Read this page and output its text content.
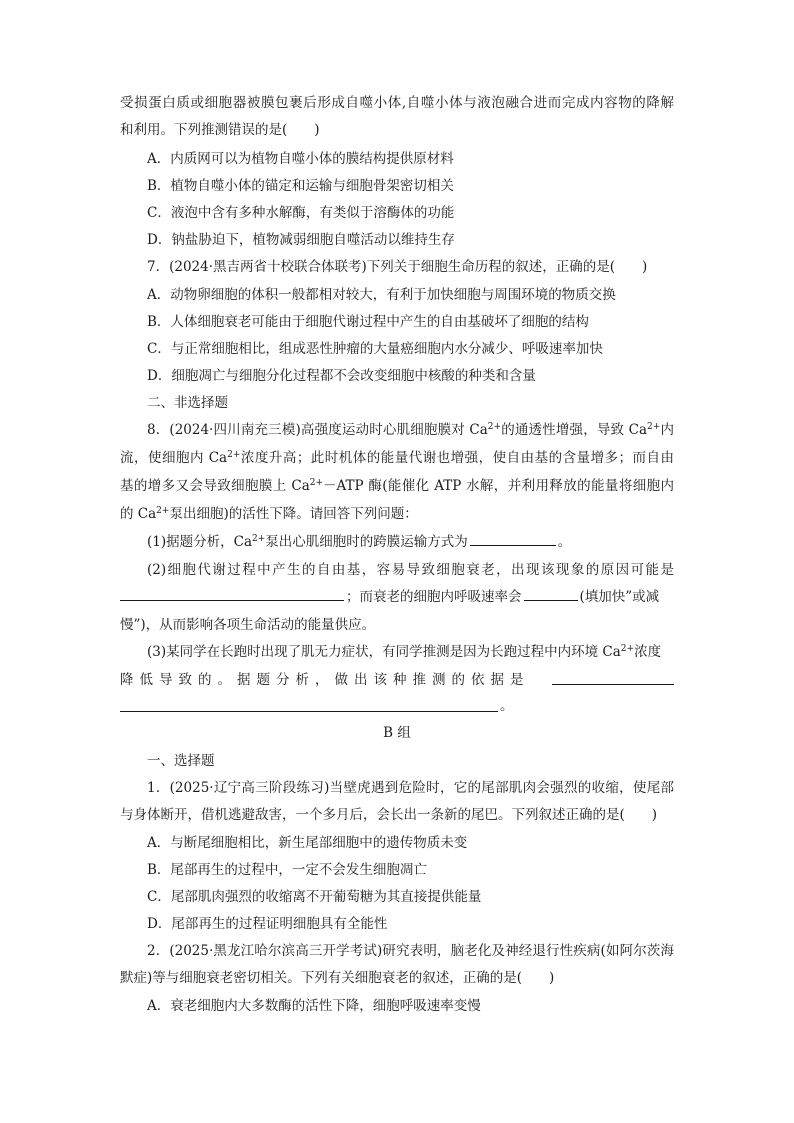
受损蛋白质或细胞器被膜包裹后形成自噬小体,自噬小体与液泡融合进而完成内容物的降解
和利用。下列推测错误的是(　　)
A．内质网可以为植物自噬小体的膜结构提供原材料
B．植物自噬小体的锚定和运输与细胞骨架密切相关
C．液泡中含有多种水解酶，有类似于溶酶体的功能
D．钠盐胁迫下，植物减弱细胞自噬活动以维持生存
7．(2024·黑吉两省十校联合体联考)下列关于细胞生命历程的叙述，正确的是(　　)
A．动物卵细胞的体积一般都相对较大，有利于加快细胞与周围环境的物质交换
B．人体细胞衰老可能由于细胞代谢过程中产生的自由基破坏了细胞的结构
C．与正常细胞相比，组成恶性肿瘤的大量癌细胞内水分减少、呼吸速率加快
D．细胞凋亡与细胞分化过程都不会改变细胞中核酸的种类和含量
二、非选择题
8．(2024·四川南充三模)高强度运动时心肌细胞膜对 $Ca^{2+}$的通透性增强，导致 $Ca^{2+}$内
流，使细胞内 $Ca^{2+}$浓度升高；此时机体的能量代谢也增强，使自由基的含量增多；而自由
基的增多又会导致细胞膜上 $Ca^{2+}-ATP$ 酶(能催化 ATP 水解，并利用释放的能量将细胞内
的 $Ca^{2+}$泵出细胞)的活性下降。请回答下列问题：
(1)据题分析，$Ca^{2+}$泵出心肌细胞时的跨膜运输方式为	。
(2)细胞代谢过程中产生的自由基，容易导致细胞衰老，出现该现象的原因可能是
；而衰老的细胞内呼吸速率会	(填加快”或减
慢”)，从而影响各项生命活动的能量供应。
(3)某同学在长跑时出现了肌无力症状，有同学推测是因为长跑过程中内环境 $Ca^{2+}$浓度
降低导致的。据题分析，做出该种推测的依据是
。
B 组
一、选择题
1．(2025·辽宁高三阶段练习)当壁虎遇到危险时，它的尾部肌肉会强烈的收缩，使尾部
与身体断开，借机逃避敌害，一个多月后，会长出一条新的尾巴。下列叙述正确的是(　　)
A．与断尾细胞相比，新生尾部细胞中的遗传物质未变
B．尾部再生的过程中，一定不会发生细胞凋亡
C．尾部肌肉强烈的收缩离不开葡萄糖为其直接提供能量
D．尾部再生的过程证明细胞具有全能性
2．(2025·黑龙江哈尔滨高三开学考试)研究表明，脑老化及神经退行性疾病(如阿尔茨海
默症)等与细胞衰老密切相关。下列有关细胞衰老的叙述，正确的是(　　)
A．衰老细胞内大多数酶的活性下降，细胞呼吸速率变慢
